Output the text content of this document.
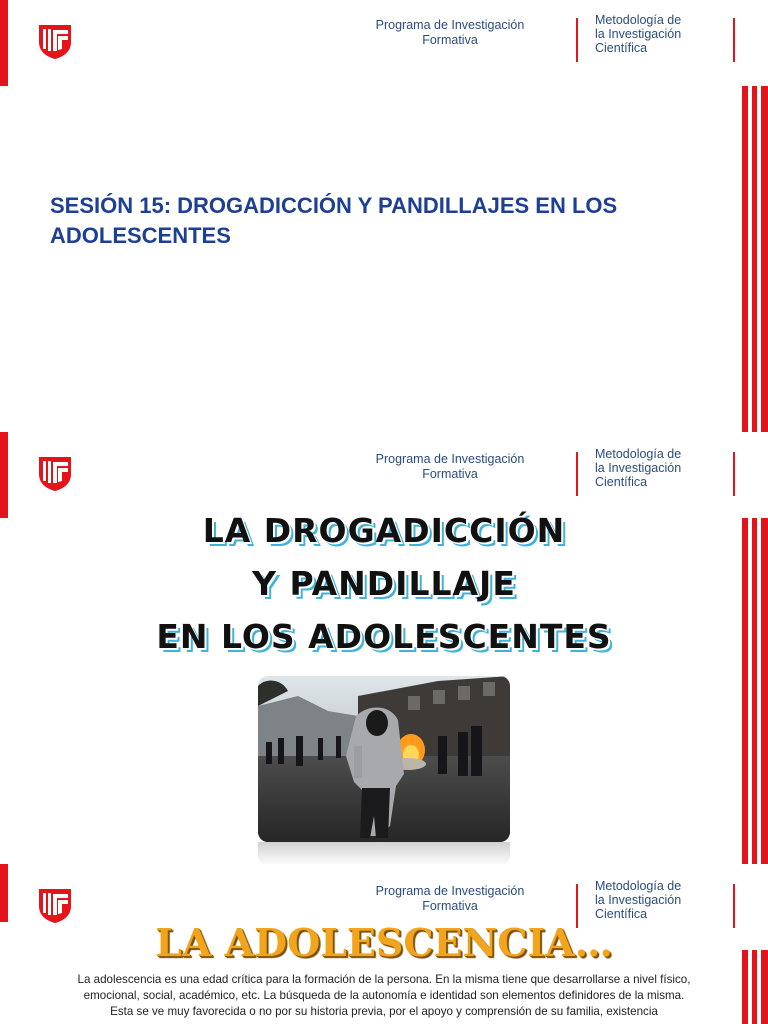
Programa de Investigación
Formativa
Metodología de
la Investigación
Científica
SESIÓN 15: DROGADICCIÓN Y PANDILLAJES EN LOS ADOLESCENTES
Programa de Investigación
Formativa
Metodología de
la Investigación
Científica
LA DROGADICCIÓN
Y PANDILLAJE
EN LOS ADOLESCENTES
Programa de Investigación
Formativa
Metodología de
la Investigación
Científica
LA ADOLESCENCIA…
La adolescencia es una edad crítica para la formación de la persona. En la misma tiene que desarrollarse a nivel físico, emocional, social, académico, etc. La búsqueda de la autonomía e identidad son elementos definidores de la misma.
Esta se ve muy favorecida o no por su historia previa, por el apoyo y comprensión de su familia, existencia
